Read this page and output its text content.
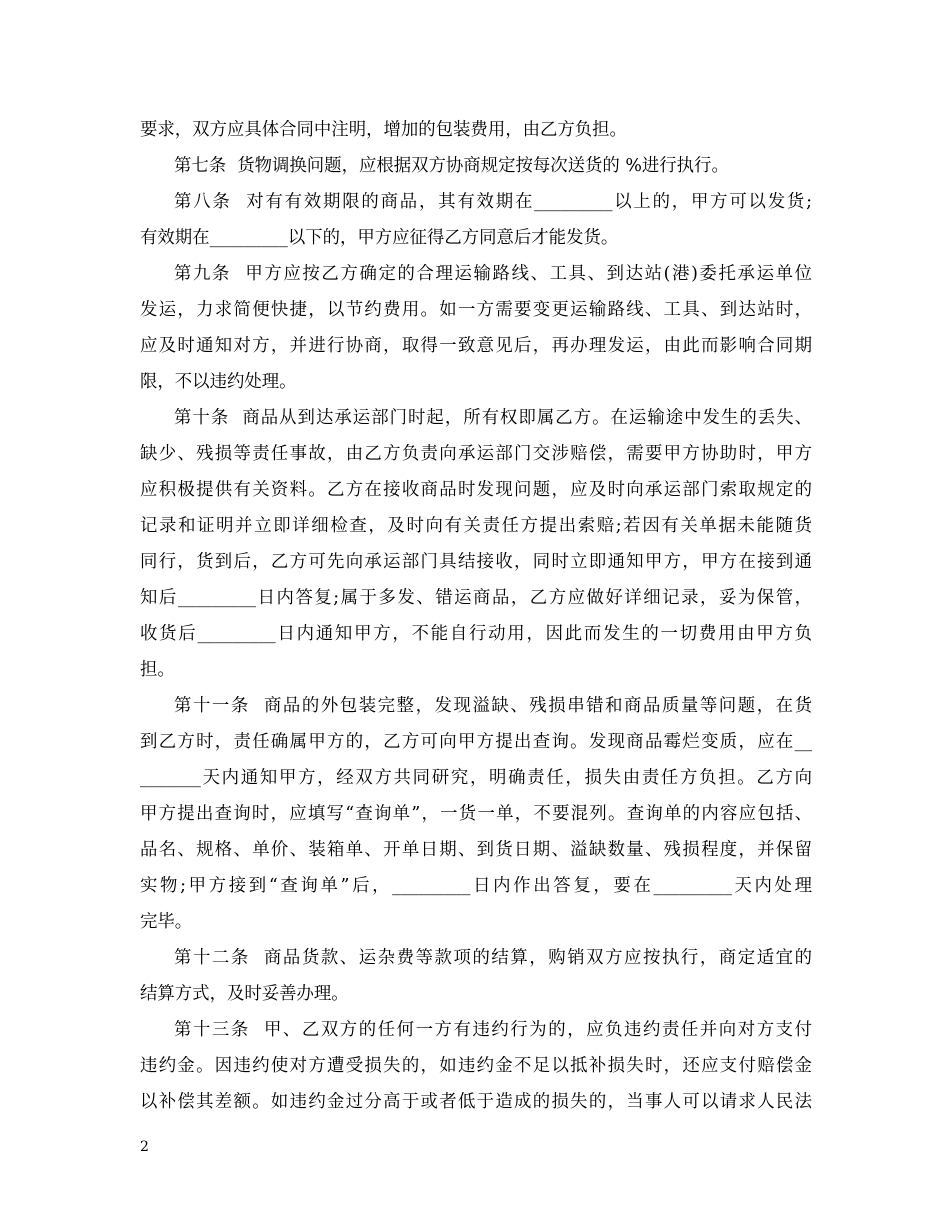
要求，双方应具体合同中注明，增加的包装费用，由乙方负担。
第七条  货物调换问题，应根据双方协商规定按每次送货的 %进行执行。
第八条  对有有效期限的商品，其有效期在_________以上的，甲方可以发货;
有效期在_________以下的，甲方应征得乙方同意后才能发货。
第九条  甲方应按乙方确定的合理运输路线、工具、到达站(港)委托承运单位
发运，力求简便快捷，以节约费用。如一方需要变更运输路线、工具、到达站时，
应及时通知对方，并进行协商，取得一致意见后，再办理发运，由此而影响合同期
限，不以违约处理。
第十条  商品从到达承运部门时起，所有权即属乙方。在运输途中发生的丢失、
缺少、残损等责任事故，由乙方负责向承运部门交涉赔偿，需要甲方协助时，甲方
应积极提供有关资料。乙方在接收商品时发现问题，应及时向承运部门索取规定的
记录和证明并立即详细检查，及时向有关责任方提出索赔;若因有关单据未能随货
同行，货到后，乙方可先向承运部门具结接收，同时立即通知甲方，甲方在接到通
知后_________日内答复;属于多发、错运商品，乙方应做好详细记录，妥为保管，
收货后_________日内通知甲方，不能自行动用，因此而发生的一切费用由甲方负
担。
第十一条  商品的外包装完整，发现溢缺、残损串错和商品质量等问题，在货
到乙方时，责任确属甲方的，乙方可向甲方提出查询。发现商品霉烂变质，应在__
_______天内通知甲方，经双方共同研究，明确责任，损失由责任方负担。乙方向
甲方提出查询时，应填写“查询单”，一货一单，不要混列。查询单的内容应包括、
品名、规格、单价、装箱单、开单日期、到货日期、溢缺数量、残损程度，并保留
实物;甲方接到“查询单”后，_________日内作出答复，要在_________天内处理
完毕。
第十二条  商品货款、运杂费等款项的结算，购销双方应按执行，商定适宜的
结算方式，及时妥善办理。
第十三条  甲、乙双方的任何一方有违约行为的，应负违约责任并向对方支付
违约金。因违约使对方遭受损失的，如违约金不足以抵补损失时，还应支付赔偿金
以补偿其差额。如违约金过分高于或者低于造成的损失的，当事人可以请求人民法
2
